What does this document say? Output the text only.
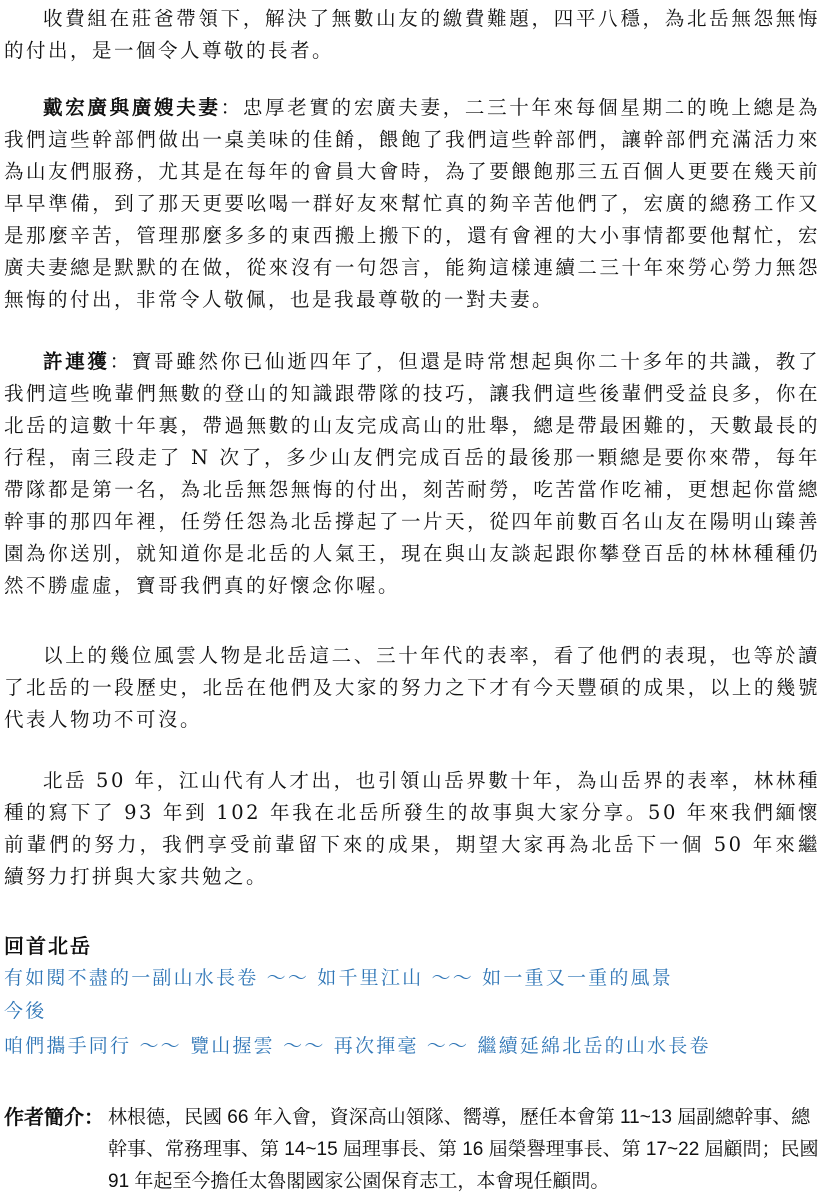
收費組在莊爸帶領下，解決了無數山友的繳費難題，四平八穩，為北岳無怨無悔的付出，是一個令人尊敬的長者。

戴宏廣與廣嫂夫妻：忠厚老實的宏廣夫妻，二三十年來每個星期二的晚上總是為我們這些幹部們做出一桌美味的佳餚，餵飽了我們這些幹部們，讓幹部們充滿活力來為山友們服務，尤其是在每年的會員大會時，為了要餵飽那三五百個人更要在幾天前早早準備，到了那天更要吆喝一群好友來幫忙真的夠辛苦他們了，宏廣的總務工作又是那麼辛苦，管理那麼多多的東西搬上搬下的，還有會裡的大小事情都要他幫忙，宏廣夫妻總是默默的在做，從來沒有一句怨言，能夠這樣連續二三十年來勞心勞力無怨無悔的付出，非常令人敬佩，也是我最尊敬的一對夫妻。

許連獲：寶哥雖然你已仙逝四年了，但還是時常想起與你二十多年的共識，教了我們這些晚輩們無數的登山的知識跟帶隊的技巧，讓我們這些後輩們受益良多，你在北岳的這數十年裏，帶過無數的山友完成高山的壯舉，總是帶最困難的，天數最長的行程，南三段走了 N 次了，多少山友們完成百岳的最後那一顆總是要你來帶，每年帶隊都是第一名，為北岳無怨無悔的付出，刻苦耐勞，吃苦當作吃補，更想起你當總幹事的那四年裡，任勞任怨為北岳撐起了一片天，從四年前數百名山友在陽明山臻善園為你送別，就知道你是北岳的人氣王，現在與山友談起跟你攀登百岳的林林種種仍然不勝虛虛，寶哥我們真的好懷念你喔。

以上的幾位風雲人物是北岳這二、三十年代的表率，看了他們的表現，也等於讀了北岳的一段歷史，北岳在他們及大家的努力之下才有今天豐碩的成果，以上的幾號代表人物功不可沒。

北岳 50 年，江山代有人才出，也引領山岳界數十年，為山岳界的表率，林林種種的寫下了 93 年到 102 年我在北岳所發生的故事與大家分享。50 年來我們緬懷前輩們的努力，我們享受前輩留下來的成果，期望大家再為北岳下一個 50 年來繼續努力打拼與大家共勉之。

回首北岳

有如閱不盡的一副山水長卷 ～～ 如千里江山 ～～ 如一重又一重的風景

今後

咱們攜手同行 ～～ 覽山握雲 ～～ 再次揮毫 ～～ 繼續延綿北岳的山水長卷

作者簡介： 林根德，民國 66 年入會，資深高山領隊、嚮導，歷任本會第 11~13 屆副總幹事、總幹事、常務理事、第 14~15 屆理事長、第 16 屆榮譽理事長、第 17~22 屆顧問；民國 91 年起至今擔任太魯閣國家公園保育志工，本會現任顧問。
